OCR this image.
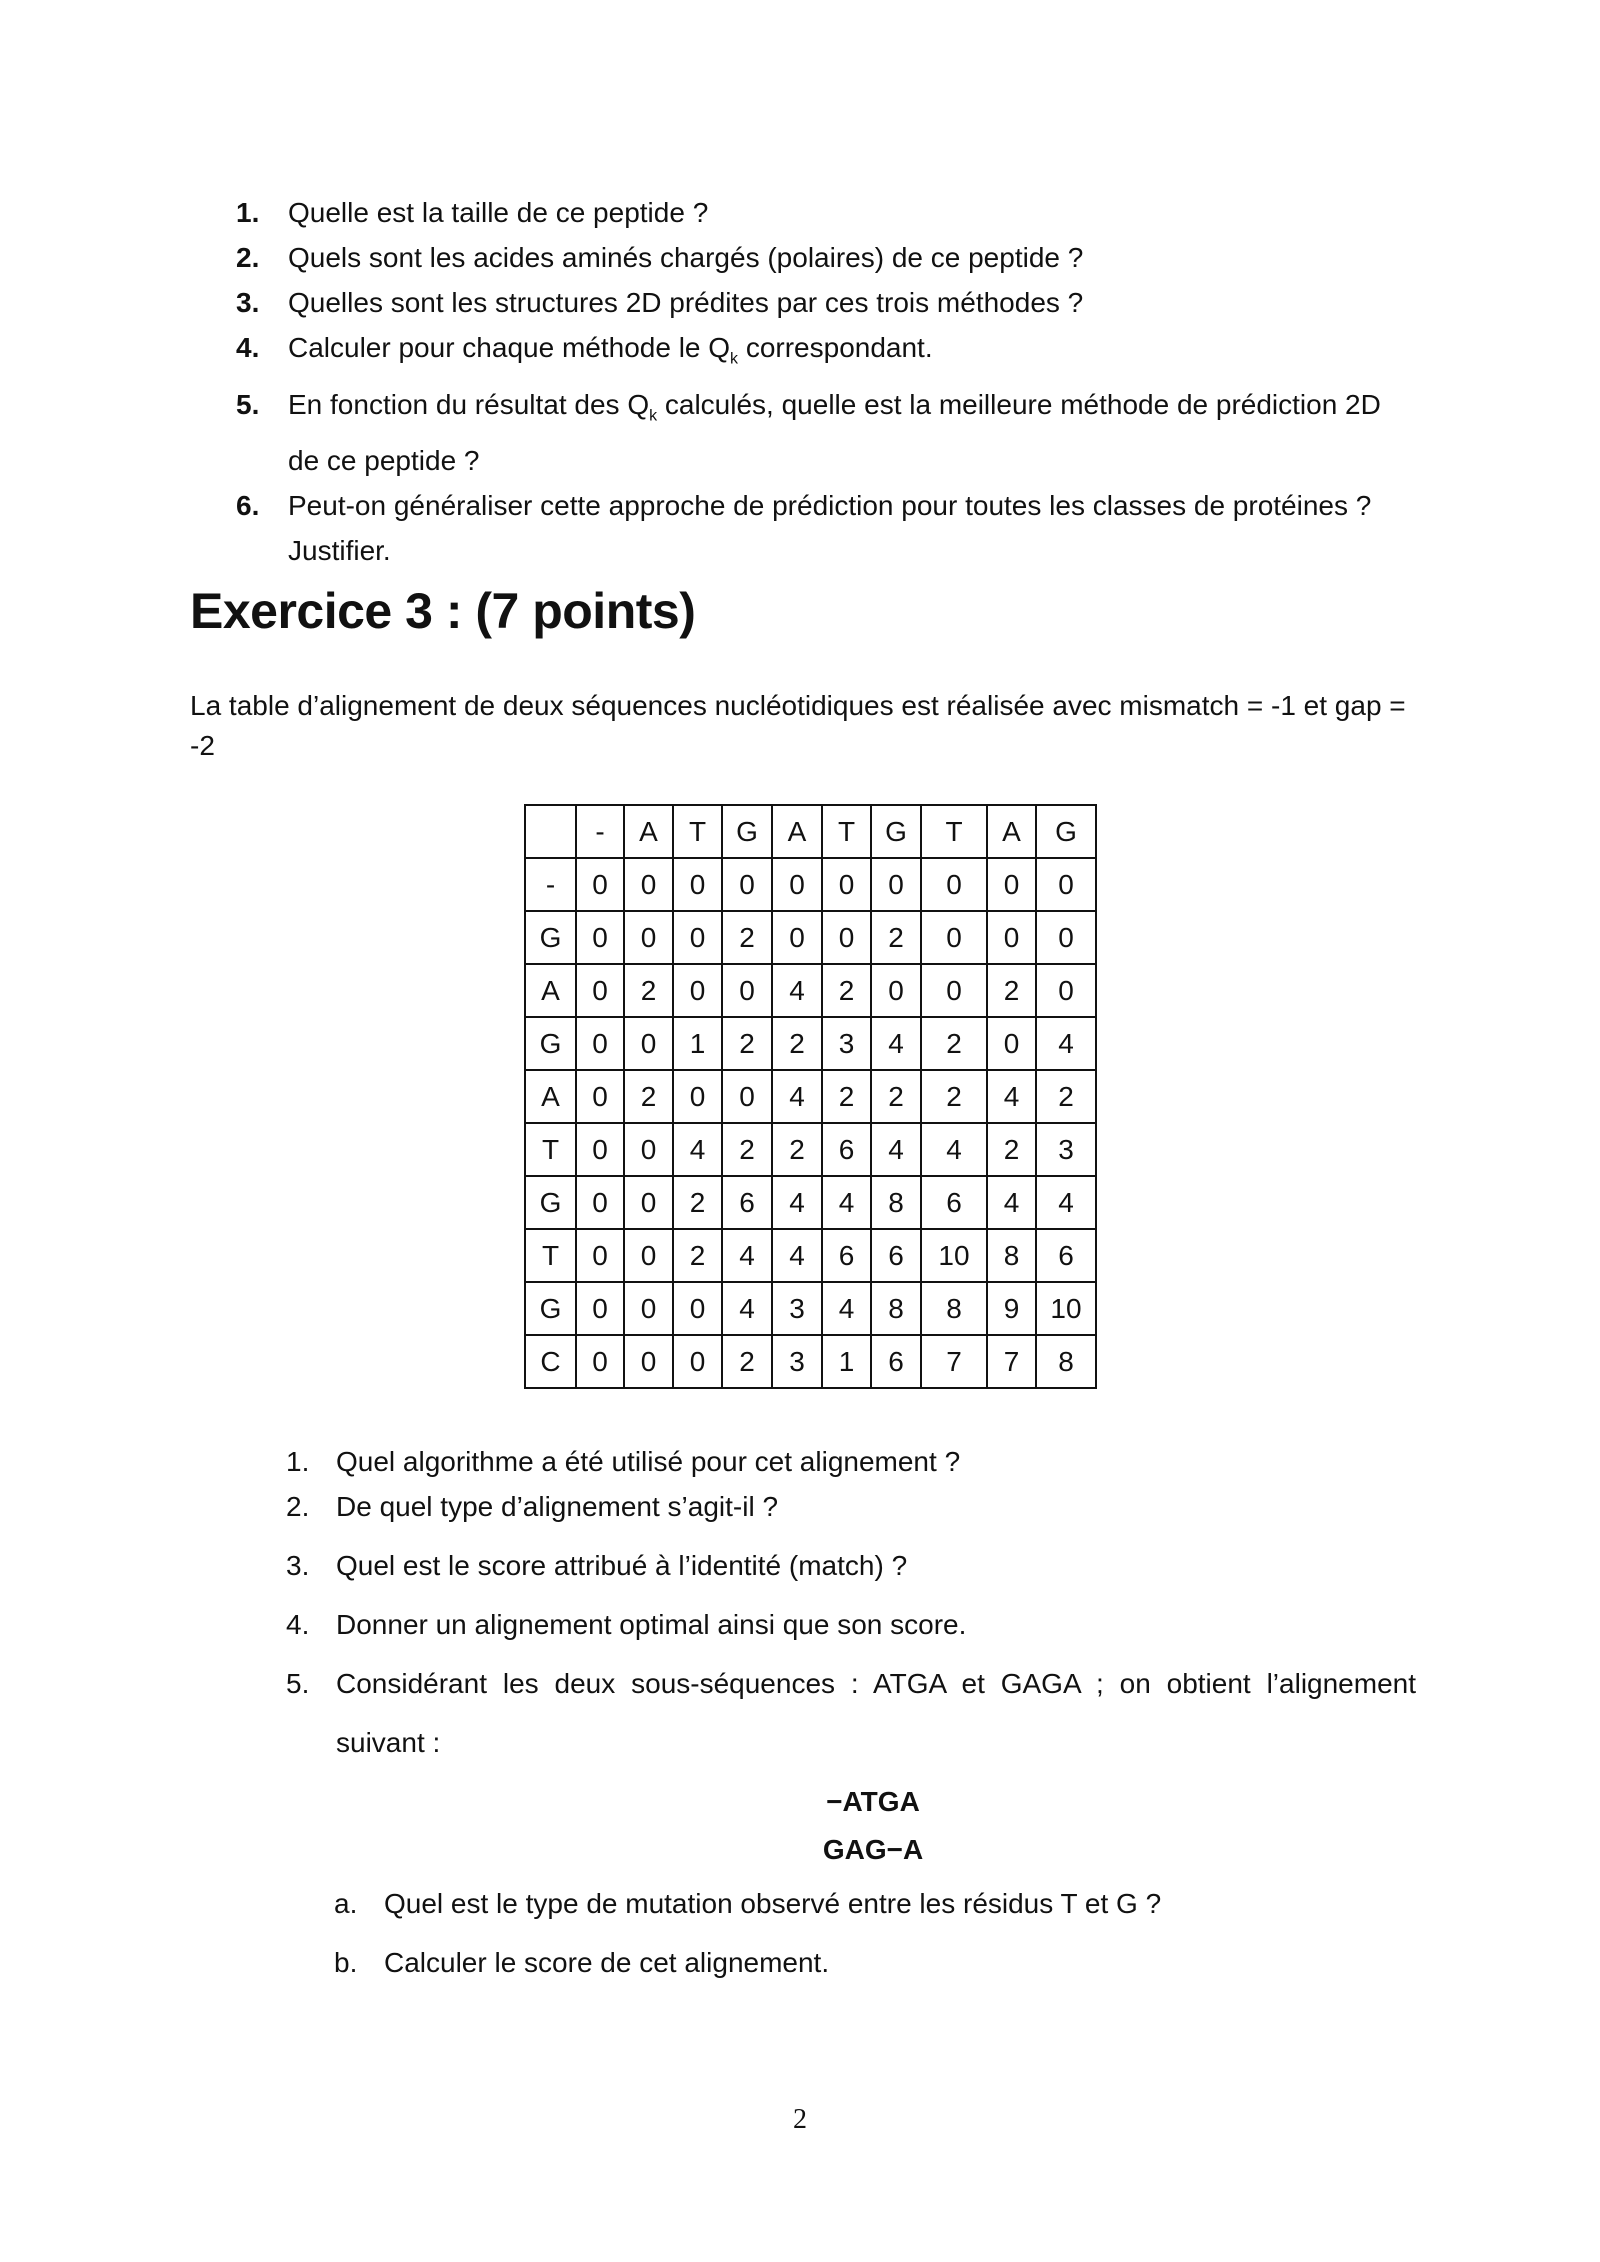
1.	Quelle est la taille de ce peptide ?
2.	Quels sont les acides aminés chargés (polaires) de ce peptide ?
3.	Quelles sont les structures 2D prédites par ces trois méthodes ?
4.	Calculer pour chaque méthode le $Q_k$ correspondant.
5.	En fonction du résultat des $Q_k$ calculés, quelle est la meilleure méthode de prédiction 2D de ce peptide ?
6.	Peut-on généraliser cette approche de prédiction pour toutes les classes de protéines ? Justifier.
Exercice 3 : (7 points)
La table d’alignement de deux séquences nucléotidiques est réalisée avec mismatch = -1 et gap = -2
	-	A	T	G	A	T	G	T	A	G
-	0	0	0	0	0	0	0	0	0	0
G	0	0	0	2	0	0	2	0	0	0
A	0	2	0	0	4	2	0	0	2	0
G	0	0	1	2	2	3	4	2	0	4
A	0	2	0	0	4	2	2	2	4	2
T	0	0	4	2	2	6	4	4	2	3
G	0	0	2	6	4	4	8	6	4	4
T	0	0	2	4	4	6	6	10	8	6
G	0	0	0	4	3	4	8	8	9	10
C	0	0	0	2	3	1	6	7	7	8
1. Quel algorithme a été utilisé pour cet alignement ?
2. De quel type d’alignement s’agit-il ?
3. Quel est le score attribué à l’identité (match) ?
4. Donner un alignement optimal ainsi que son score.
5. Considérant les deux sous-séquences : ATGA et GAGA ; on obtient l’alignement
suivant :
−ATGA
GAG−A
a. Quel est le type de mutation observé entre les résidus T et G ?
b. Calculer le score de cet alignement.
2
